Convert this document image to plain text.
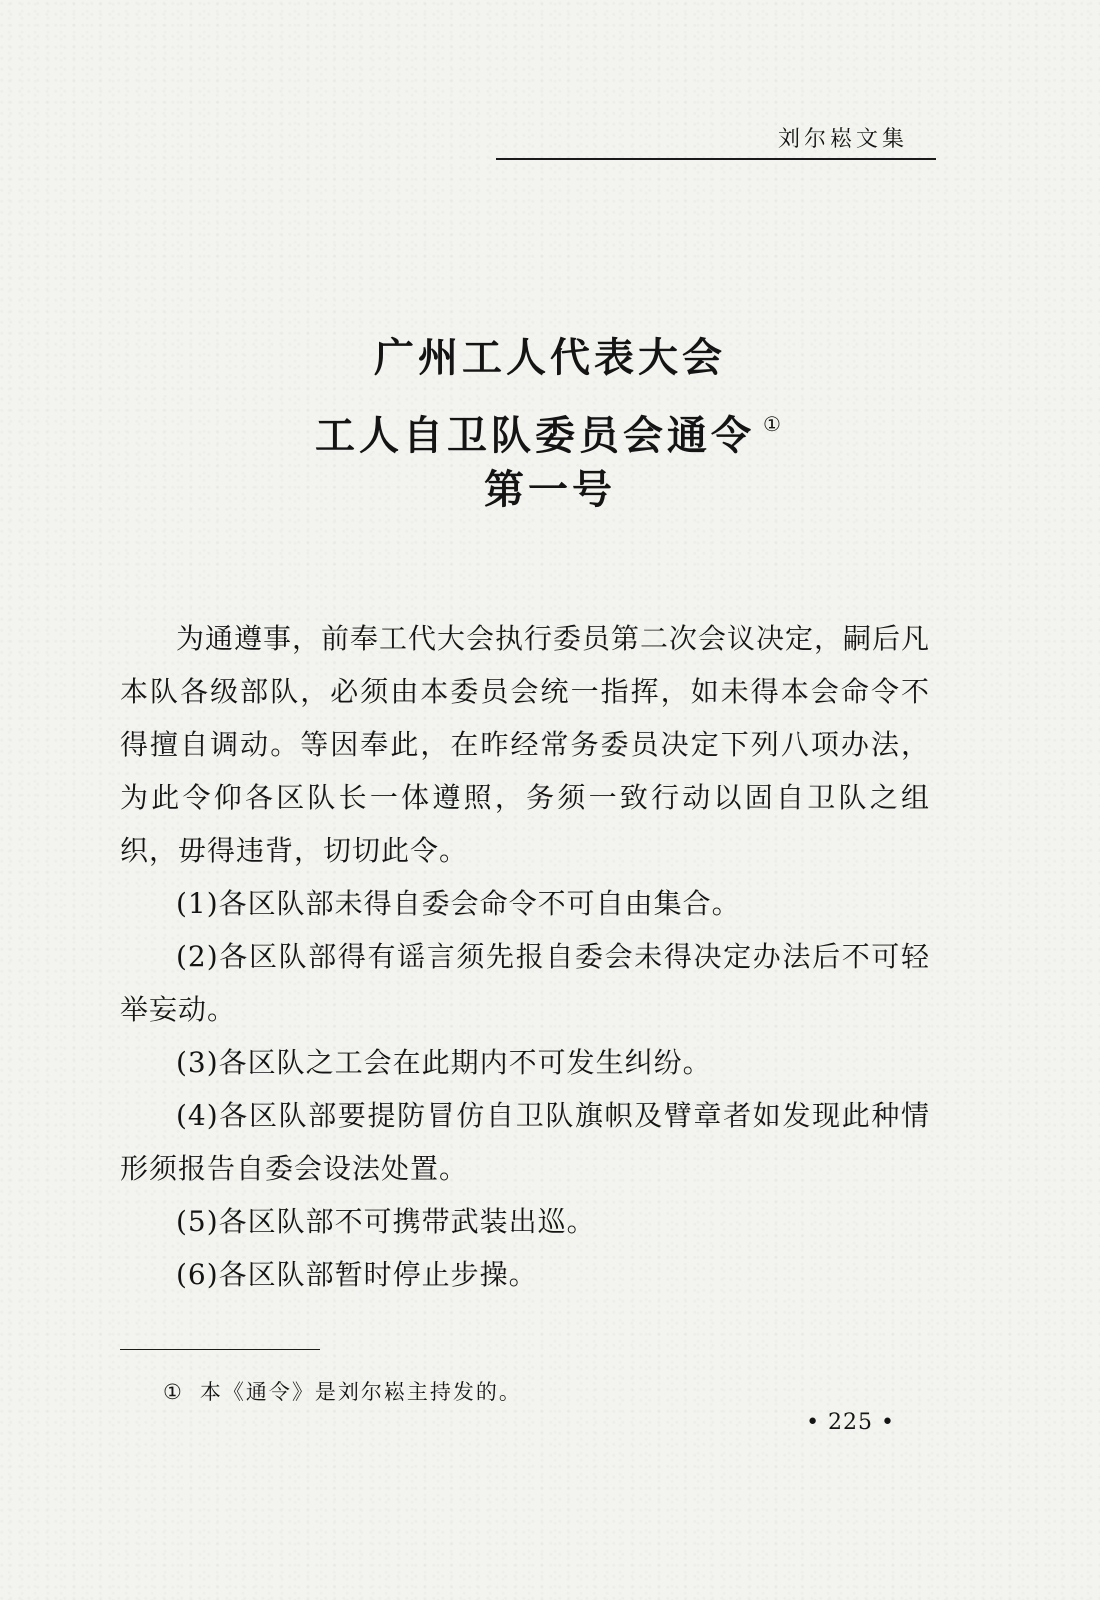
刘尔崧文集
广州工人代表大会
工人自卫队委员会通令 ①
第一号

为通遵事，前奉工代大会执行委员第二次会议决定，嗣后凡本队各级部队，必须由本委员会统一指挥，如未得本会命令不得擅自调动。等因奉此，在昨经常务委员决定下列八项办法，为此令仰各区队长一体遵照，务须一致行动以固自卫队之组织，毋得违背，切切此令。

(1)各区队部未得自委会命令不可自由集合。

(2)各区队部得有谣言须先报自委会未得决定办法后不可轻举妄动。

(3)各区队之工会在此期内不可发生纠纷。

(4)各区队部要提防冒仿自卫队旗帜及臂章者如发现此种情形须报告自委会设法处置。

(5)各区队部不可携带武装出巡。

(6)各区队部暂时停止步操。

① 本《通令》是刘尔崧主持发的。
• 225 •
